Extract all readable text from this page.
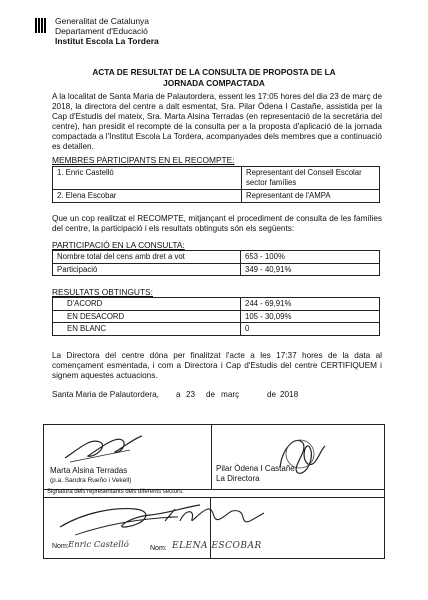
Generalitat de Catalunya
Departament d'Educació
Institut Escola La Tordera
ACTA DE RESULTAT DE LA CONSULTA DE PROPOSTA DE LA
JORNADA COMPACTADA

A la localitat de Santa Maria de Palautordera, essent les 17:05 hores del dia 23 de març de 2018, la directora del centre a dalt esmentat, Sra. Pilar Òdena I Castañe, assistida per la Cap d'Estudis del mateix, Sra. Marta Alsina Terradas (en representació de la secretària del centre), han presidit el recompte de la consulta per a la proposta d'aplicació de la jornada compactada a l'Institut Escola La Tordera, acompanyades dels membres que a continuació es detallen.

MEMBRES PARTICIPANTS EN EL RECOMPTE:
1. Enric Castelló	Representant del Consell Escolar sector famílies
2. Elena Escobar	Representant de l'AMPA

Que un cop realitzat el RECOMPTE, mitjançant el procediment de consulta de les famílies del centre, la participació i els resultats obtinguts són els següents:

PARTICIPACIÓ EN LA CONSULTA:
Nombre total del cens amb dret a vot	653 - 100%
Participació	349 - 40,91%
RESULTATS OBTINGUTS:
D'ACORD	244 - 69,91%
EN DESACORD	105 - 30,09%
EN BLANC	0

La Directora del centre dóna per finalitzat l'acte a les 17:37 hores de la data al començament esmentada, i com a Directora i Cap d'Estudis del centre CERTIFIQUEM i signem aquestes actuacions.

Santa Maria de Palautordera, a 23 de març	de 2018
Marta Alsina Terradas
(p.a. Sandra Rueño i Vekell)
Pilar Òdena I Castañe
La Directora
Signatura dels representants dels diferents sectors:
Nom: Enric Castelló	Nom: ELENA ESCOBAR
